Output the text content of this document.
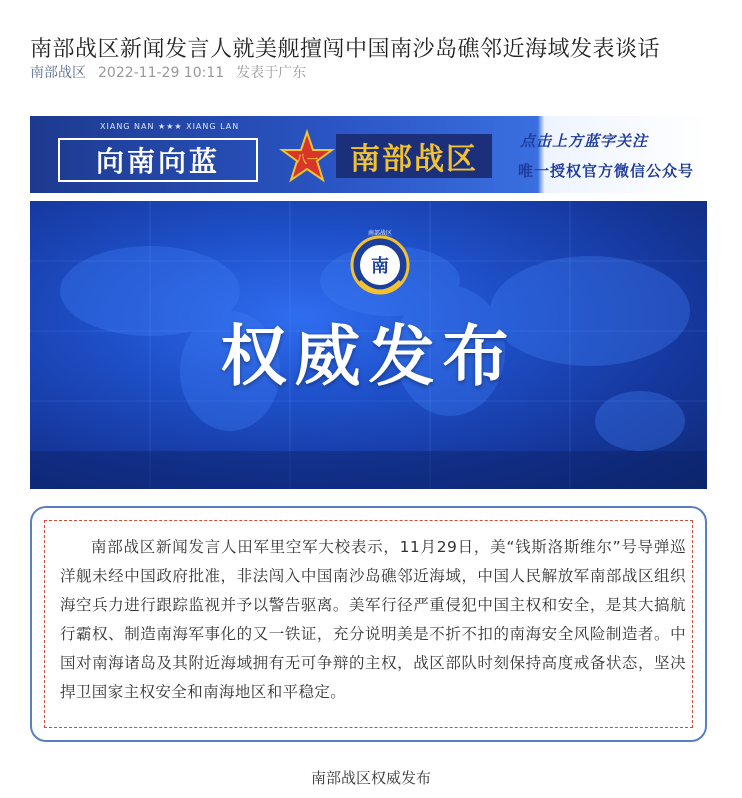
南部战区新闻发言人就美舰擅闯中国南沙岛礁邻近海域发表谈话
南部战区 2022-11-29 10:11 发表于广东
XIANG NAN ★★★ XIANG LAN
向南向蓝	八一	南部战区
点击上方蓝字关注
唯一授权官方微信公众号
南
南部战区
权威发布
南部战区新闻发言人田军里空军大校表示，11月29日，美“钱斯洛斯维尔”号导弹巡洋舰未经中国政府批准，非法闯入中国南沙岛礁邻近海域，中国人民解放军南部战区组织海空兵力进行跟踪监视并予以警告驱离。美军行径严重侵犯中国主权和安全，是其大搞航行霸权、制造南海军事化的又一铁证，充分说明美是不折不扣的南海安全风险制造者。中国对南海诸岛及其附近海域拥有无可争辩的主权，战区部队时刻保持高度戒备状态，坚决捍卫国家主权安全和南海地区和平稳定。
南部战区权威发布
